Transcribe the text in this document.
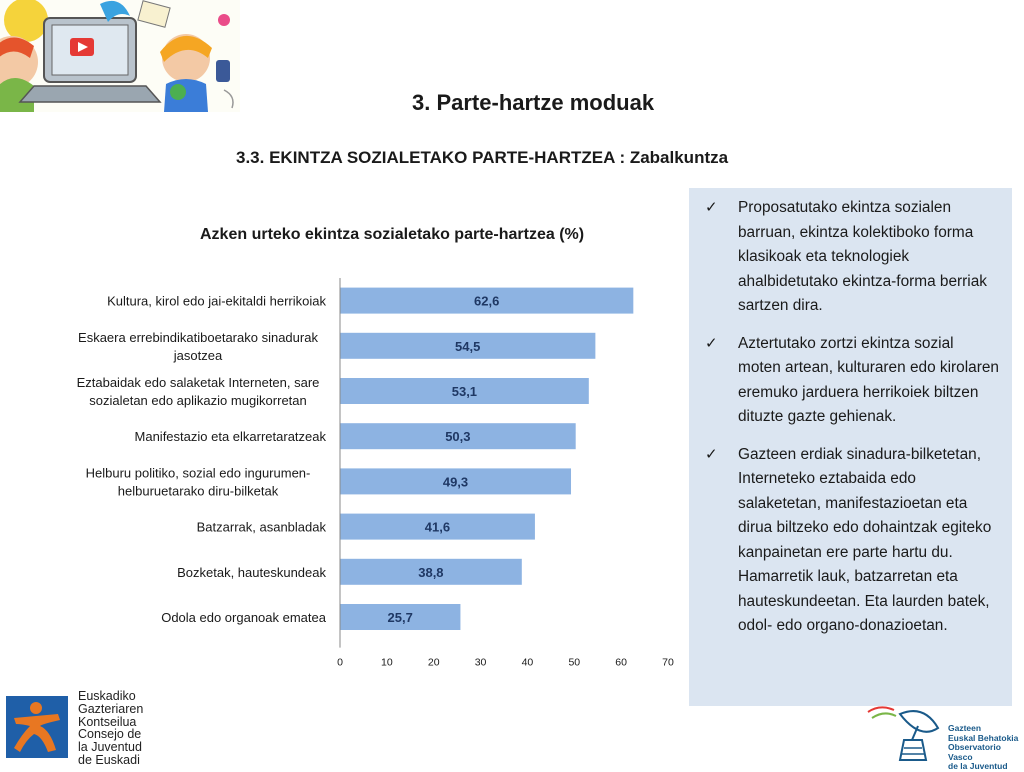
3. Parte-hartze moduak
3.3. EKINTZA SOZIALETAKO PARTE-HARTZEA : Zabalkuntza
Azken urteko ekintza sozialetako parte-hartzea (%)
62,6
Kultura, kirol edo jai-ekitaldi herrikoiak
54,5
Eskaera errebindikatiboetarako sinadurak
jasotzea
53,1
Eztabaidak edo salaketak Interneten, sare
sozialetan edo aplikazio mugikorretan
50,3
Manifestazio eta elkarretaratzeak
49,3
Helburu politiko, sozial edo ingurumen-
helburuetarako diru-bilketak
41,6
Batzarrak, asanbladak
38,8
Bozketak, hauteskundeak
25,7
Odola edo organoak ematea
0	10	20	30	40	50	60	70
✓ Proposatutako ekintza sozialen barruan, ekintza kolektiboko forma klasikoak eta teknologiek ahalbidetutako ekintza-forma berriak sartzen dira.
✓ Aztertutako zortzi ekintza sozial moten artean, kulturaren edo kirolaren eremuko jarduera herrikoiek biltzen dituzte gazte gehienak.
✓ Gazteen erdiak sinadura-bilketetan, Interneteko eztabaida edo salaketetan, manifestazioetan eta dirua biltzeko edo dohaintzak egiteko kanpainetan ere parte hartu du. Hamarretik lauk, batzarretan eta hauteskundeetan. Eta laurden batek, odol- edo organo-donazioetan.
Euskadiko
Gazteriaren
Kontseilua
Consejo de
la Juventud
de Euskadi
Gazteen
Euskal Behatokia
Observatorio Vasco
de la Juventud
